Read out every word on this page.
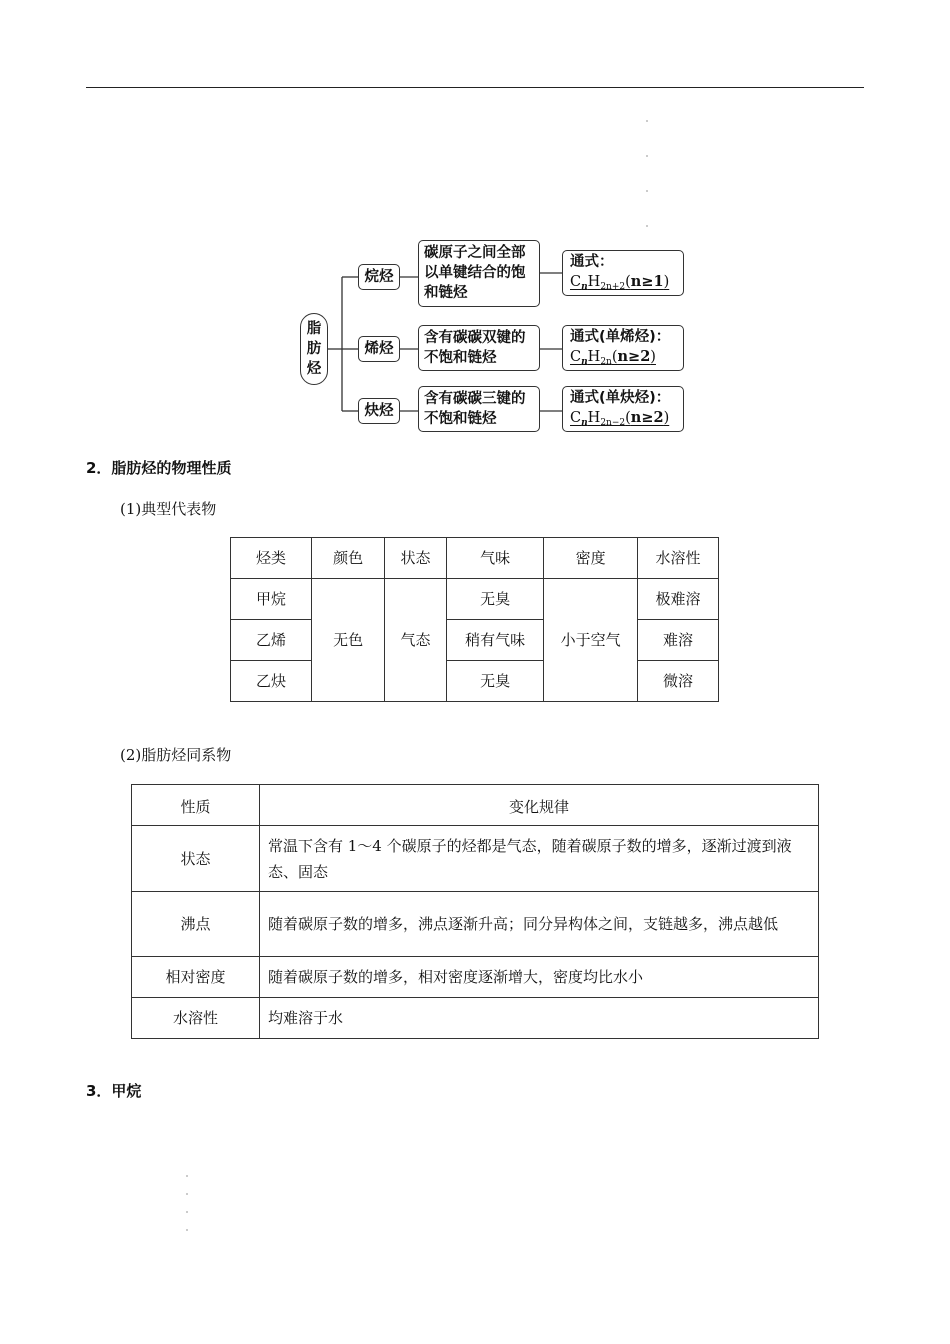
脂
肪
烃
烷烃
碳原子之间全部
以单键结合的饱
和链烃
通式：
$C_nH_{2n+2}(n\ge 1)$
烯烃
含有碳碳双键的
不饱和链烃
通式(单烯烃)：
$C_nH_{2n}(n\ge 2)$
炔烃
含有碳碳三键的
不饱和链烃
通式(单炔烃)：
$C_nH_{2n-2}(n\ge 2)$
2．脂肪烃的物理性质
(1)典型代表物
烃类	颜色	状态	气味	密度	水溶性
甲烷	无色	气态	无臭	小于空气	极难溶
乙烯			稍有气味		难溶
乙炔			无臭		微溶
(2)脂肪烃同系物
性质	变化规律
状态	常温下含有 1～4 个碳原子的烃都是气态，随着碳原子数的增多，逐渐过渡到液态、固态
沸点	随着碳原子数的增多，沸点逐渐升高；同分异构体之间，支链越多，沸点越低
相对密度	随着碳原子数的增多，相对密度逐渐增大，密度均比水小
水溶性	均难溶于水
3．甲烷
